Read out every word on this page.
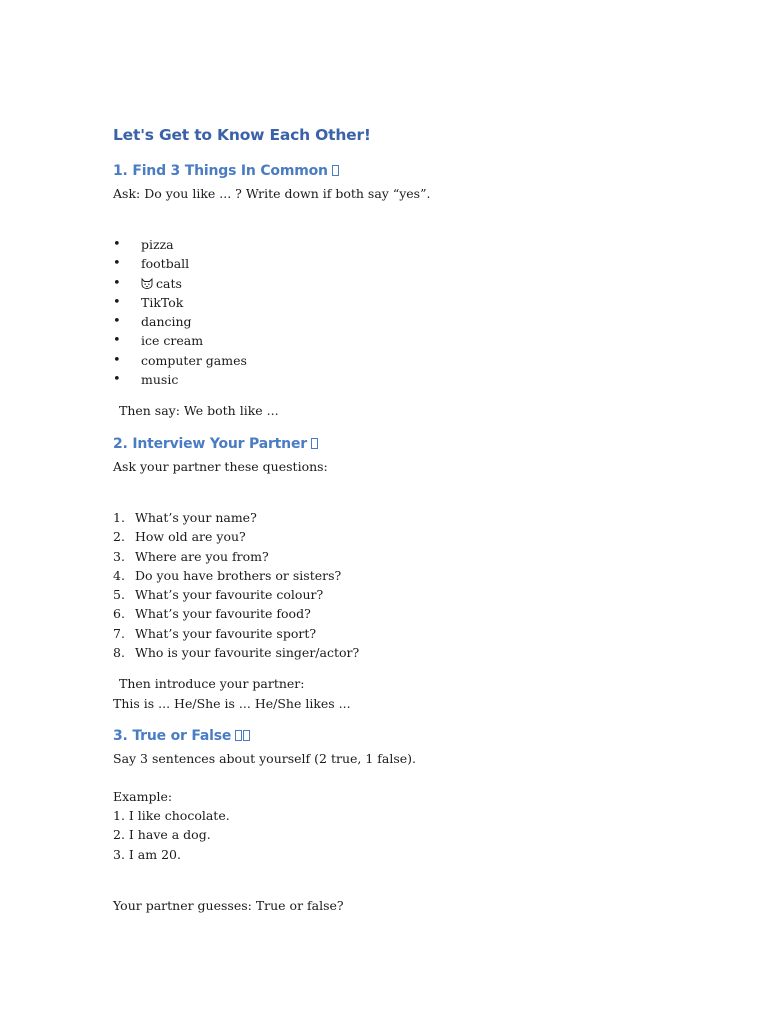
Let's Get to Know Each Other!
1. Find 3 Things In Common
Ask: Do you like ... ? Write down if both say “yes”.
• pizza
• football
•	cats
• TikTok
• dancing
• ice cream
• computer games
• music
Then say: We both like ...
2. Interview Your Partner
Ask your partner these questions:
1. What’s your name?
2. How old are you?
3. Where are you from?
4. Do you have brothers or sisters?
5. What’s your favourite colour?
6. What’s your favourite food?
7. What’s your favourite sport?
8. Who is your favourite singer/actor?
Then introduce your partner:
This is ... He/She is ... He/She likes ...
3. True or False
Say 3 sentences about yourself (2 true, 1 false).
Example:
1. I like chocolate.
2. I have a dog.
3. I am 20.
Your partner guesses: True or false?
